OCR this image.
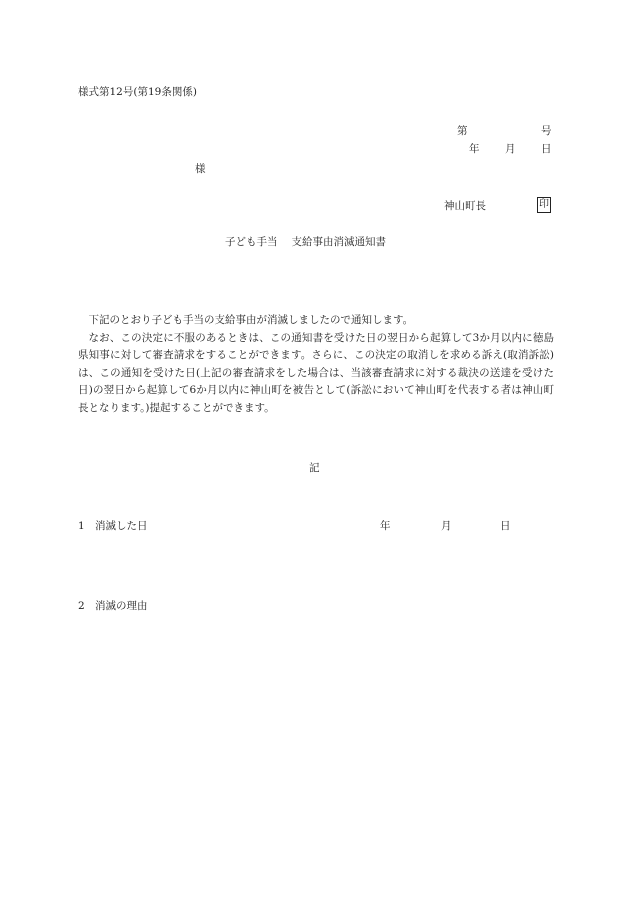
様式第12号(第19条関係)
第	号
年 月 日
様
神山町長	印
子ども手当 支給事由消滅通知書

下記のとおり子ども手当の支給事由が消滅しましたので通知します。

なお、この決定に不服のあるときは、この通知書を受けた日の翌日から起算して3か月以内に徳島県知事に対して審査請求をすることができます。さらに、この決定の取消しを求める訴え(取消訴訟)は、この通知を受けた日(上記の審査請求をした場合は、当該審査請求に対する裁決の送達を受けた日)の翌日から起算して6か月以内に神山町を被告として(訴訟において神山町を代表する者は神山町長となります。)提起することができます。

記
1 消滅した日	年	月	日
2 消滅の理由
